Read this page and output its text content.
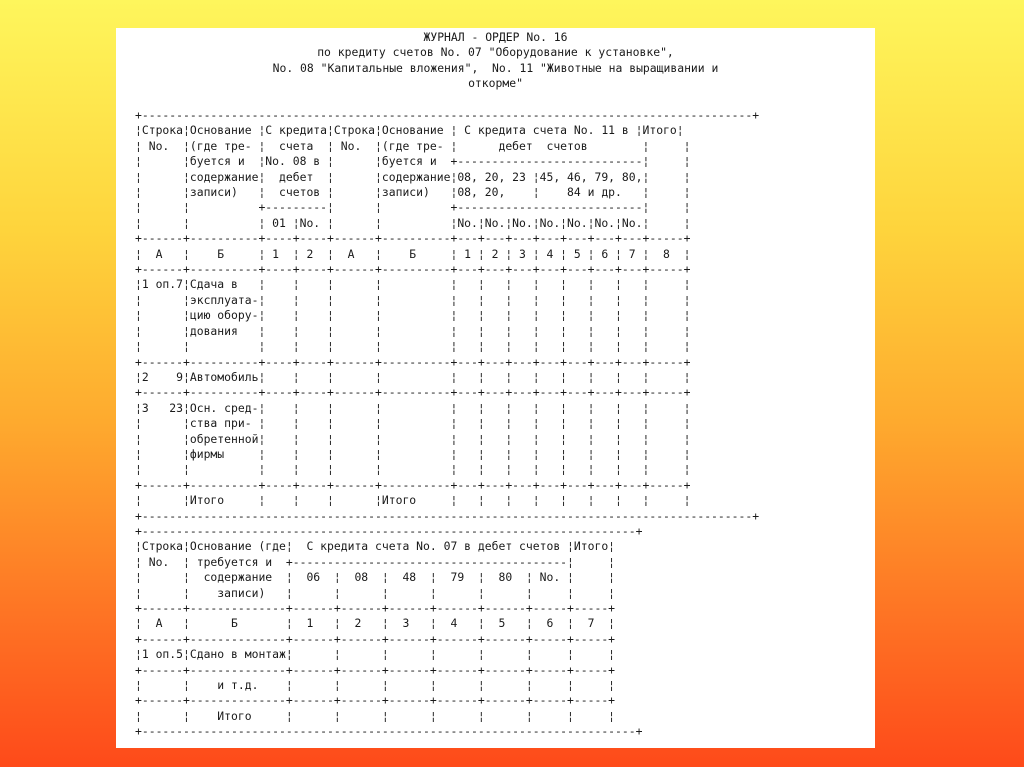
ЖУРНАЛ - ОРДЕР No. 16
по кредиту счетов No. 07 "Оборудование к установке",
No. 08 "Капитальные вложения",  No. 11 "Животные на выращивании и
откорме"
+-----------------------------------------------------------------------------------------+
¦Строка¦Основание ¦С кредита¦Строка¦Основание ¦ С кредита счета No. 11 в ¦Итого¦
¦ No.  ¦(где тре- ¦  счета  ¦ No.  ¦(где тре- ¦      дебет  счетов        ¦     ¦
¦      ¦буется и  ¦No. 08 в ¦      ¦буется и  +---------------------------¦     ¦
¦      ¦содержание¦  дебет  ¦      ¦содержание¦08, 20, 23 ¦45, 46, 79, 80,¦     ¦
¦      ¦записи)   ¦  счетов ¦      ¦записи)   ¦08, 20,    ¦    84 и др.   ¦     ¦
¦      ¦          +---------¦      ¦          +---------------------------¦     ¦
¦      ¦          ¦ 01 ¦No. ¦      ¦          ¦No.¦No.¦No.¦No.¦No.¦No.¦No.¦     ¦
+------+----------+----+----+------+----------+---+---+---+---+---+---+---+-----+
¦  А   ¦    Б     ¦ 1  ¦ 2  ¦  А   ¦    Б     ¦ 1 ¦ 2 ¦ 3 ¦ 4 ¦ 5 ¦ 6 ¦ 7 ¦  8  ¦
+------+----------+----+----+------+----------+---+---+---+---+---+---+---+-----+
¦1 оп.7¦Сдача в   ¦    ¦    ¦      ¦          ¦   ¦   ¦   ¦   ¦   ¦   ¦   ¦     ¦
¦      ¦эксплуата-¦    ¦    ¦      ¦          ¦   ¦   ¦   ¦   ¦   ¦   ¦   ¦     ¦
¦      ¦цию обору-¦    ¦    ¦      ¦          ¦   ¦   ¦   ¦   ¦   ¦   ¦   ¦     ¦
¦      ¦дования   ¦    ¦    ¦      ¦          ¦   ¦   ¦   ¦   ¦   ¦   ¦   ¦     ¦
¦      ¦          ¦    ¦    ¦      ¦          ¦   ¦   ¦   ¦   ¦   ¦   ¦   ¦     ¦
+------+----------+----+----+------+----------+---+---+---+---+---+---+---+-----+
¦2    9¦Автомобиль¦    ¦    ¦      ¦          ¦   ¦   ¦   ¦   ¦   ¦   ¦   ¦     ¦
+------+----------+----+----+------+----------+---+---+---+---+---+---+---+-----+
¦3   23¦Осн. сред-¦    ¦    ¦      ¦          ¦   ¦   ¦   ¦   ¦   ¦   ¦   ¦     ¦
¦      ¦ства при- ¦    ¦    ¦      ¦          ¦   ¦   ¦   ¦   ¦   ¦   ¦   ¦     ¦
¦      ¦обретенной¦    ¦    ¦      ¦          ¦   ¦   ¦   ¦   ¦   ¦   ¦   ¦     ¦
¦      ¦фирмы     ¦    ¦    ¦      ¦          ¦   ¦   ¦   ¦   ¦   ¦   ¦   ¦     ¦
¦      ¦          ¦    ¦    ¦      ¦          ¦   ¦   ¦   ¦   ¦   ¦   ¦   ¦     ¦
+------+----------+----+----+------+----------+---+---+---+---+---+---+---+-----+
¦      ¦Итого     ¦    ¦    ¦      ¦Итого     ¦   ¦   ¦   ¦   ¦   ¦   ¦   ¦     ¦
+-----------------------------------------------------------------------------------------+
+------------------------------------------------------------------------+
¦Строка¦Основание (где¦  С кредита счета No. 07 в дебет счетов ¦Итого¦
¦ No.  ¦ требуется и  +----------------------------------------¦     ¦
¦      ¦  содержание  ¦  06  ¦  08  ¦  48  ¦  79  ¦  80  ¦ No. ¦     ¦
¦      ¦    записи)   ¦      ¦      ¦      ¦      ¦      ¦     ¦     ¦
+------+--------------+------+------+------+------+------+-----+-----+
¦  А   ¦      Б       ¦  1   ¦  2   ¦  3   ¦  4   ¦  5   ¦  6  ¦  7  ¦
+------+--------------+------+------+------+------+------+-----+-----+
¦1 оп.5¦Сдано в монтаж¦      ¦      ¦      ¦      ¦      ¦     ¦     ¦
+------+--------------+------+------+------+------+------+-----+-----+
¦      ¦    и т.д.    ¦      ¦      ¦      ¦      ¦      ¦     ¦     ¦
+------+--------------+------+------+------+------+------+-----+-----+
¦      ¦    Итого     ¦      ¦      ¦      ¦      ¦      ¦     ¦     ¦
+------------------------------------------------------------------------+
